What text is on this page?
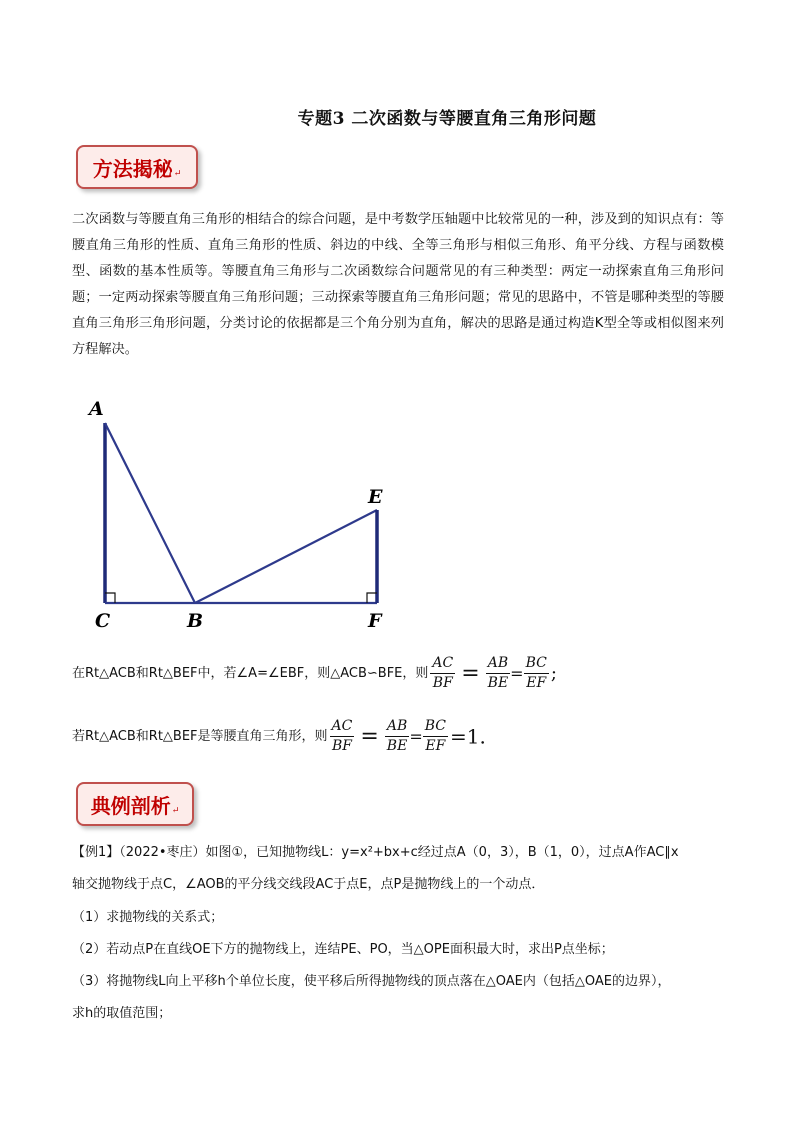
专题3 二次函数与等腰直角三角形问题
方法揭秘 ↵
二次函数与等腰直角三角形的相结合的综合问题，是中考数学压轴题中比较常见的一种，涉及到的知识点有：等腰直角三角形的性质、直角三角形的性质、斜边的中线、全等三角形与相似三角形、角平分线、方程与函数模型、函数的基本性质等。等腰直角三角形与二次函数综合问题常见的有三种类型：两定一动探索直角三角形问题；一定两动探索等腰直角三角形问题；三动探索等腰直角三角形问题；常见的思路中，不管是哪种类型的等腰直角三角形三角形问题，分类讨论的依据都是三个角分别为直角，解决的思路是通过构造K型全等或相似图来列方程解决。
A
C	B
E
F
在Rt△ACB和Rt△BEF中，若∠A=∠EBF，则△ACB∽BFE，则 $\frac{AC}{BF} = \frac{AB}{BE} = \frac{BC}{EF}$ ;
若Rt△ACB和Rt△BEF是等腰直角三角形，则 $\frac{AC}{BF} = \frac{AB}{BE} = \frac{BC}{EF} =1$.
典例剖析 ↵
【例1】（2022•枣庄）如图①，已知抛物线L：y=x²+bx+c经过点A（0，3），B（1，0），过点A作AC∥x
轴交抛物线于点C，∠AOB的平分线交线段AC于点E，点P是抛物线上的一个动点．
（1）求抛物线的关系式；
（2）若动点P在直线OE下方的抛物线上，连结PE、PO，当△OPE面积最大时，求出P点坐标；
（3）将抛物线L向上平移h个单位长度，使平移后所得抛物线的顶点落在△OAE内（包括△OAE的边界），
求h的取值范围；
